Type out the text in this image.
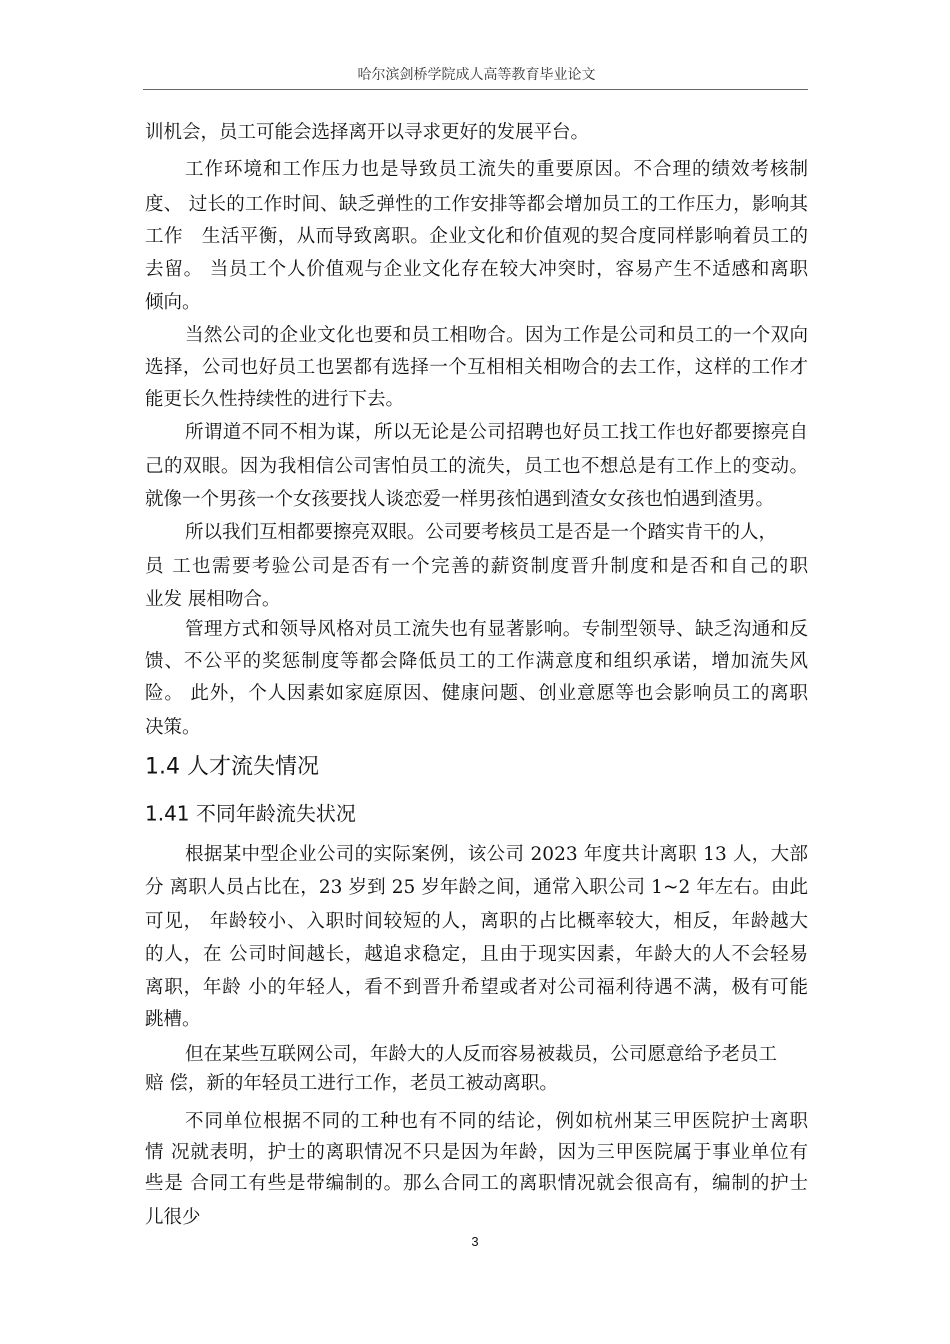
哈尔滨剑桥学院成人高等教育毕业论文
1.4 人才流失情况
1.41 不同年龄流失状况
训机会，员工可能会选择离开以寻求更好的发展平台。
工作环境和工作压力也是导致员工流失的重要原因。不合理的绩效考核制
度、 过长的工作时间、缺乏弹性的工作安排等都会增加员工的工作压力，影响其
工作　生活平衡，从而导致离职。企业文化和价值观的契合度同样影响着员工的
去留。 当员工个人价值观与企业文化存在较大冲突时，容易产生不适感和离职
倾向。
当然公司的企业文化也要和员工相吻合。因为工作是公司和员工的一个双向
选择，公司也好员工也罢都有选择一个互相相关相吻合的去工作，这样的工作才
能更长久性持续性的进行下去。
所谓道不同不相为谋，所以无论是公司招聘也好员工找工作也好都要擦亮自
己的双眼。因为我相信公司害怕员工的流失，员工也不想总是有工作上的变动。
就像一个男孩一个女孩要找人谈恋爱一样男孩怕遇到渣女女孩也怕遇到渣男。
所以我们互相都要擦亮双眼。公司要考核员工是否是一个踏实肯干的人，
员 工也需要考验公司是否有一个完善的薪资制度晋升制度和是否和自己的职
业发 展相吻合。
管理方式和领导风格对员工流失也有显著影响。专制型领导、缺乏沟通和反
馈、不公平的奖惩制度等都会降低员工的工作满意度和组织承诺，增加流失风
险。 此外，个人因素如家庭原因、健康问题、创业意愿等也会影响员工的离职
决策。
根据某中型企业公司的实际案例，该公司 2023 年度共计离职 13 人，大部
分 离职人员占比在，23 岁到 25 岁年龄之间，通常入职公司 1~2 年左右。由此
可见， 年龄较小、入职时间较短的人，离职的占比概率较大，相反，年龄越大
的人，在 公司时间越长，越追求稳定，且由于现实因素，年龄大的人不会轻易
离职，年龄 小的年轻人，看不到晋升希望或者对公司福利待遇不满，极有可能
跳槽。
但在某些互联网公司，年龄大的人反而容易被裁员，公司愿意给予老员工
赔 偿，新的年轻员工进行工作，老员工被动离职。
不同单位根据不同的工种也有不同的结论，例如杭州某三甲医院护士离职
情 况就表明，护士的离职情况不只是因为年龄，因为三甲医院属于事业单位有
些是 合同工有些是带编制的。那么合同工的离职情况就会很高有，编制的护士
儿很少
3
